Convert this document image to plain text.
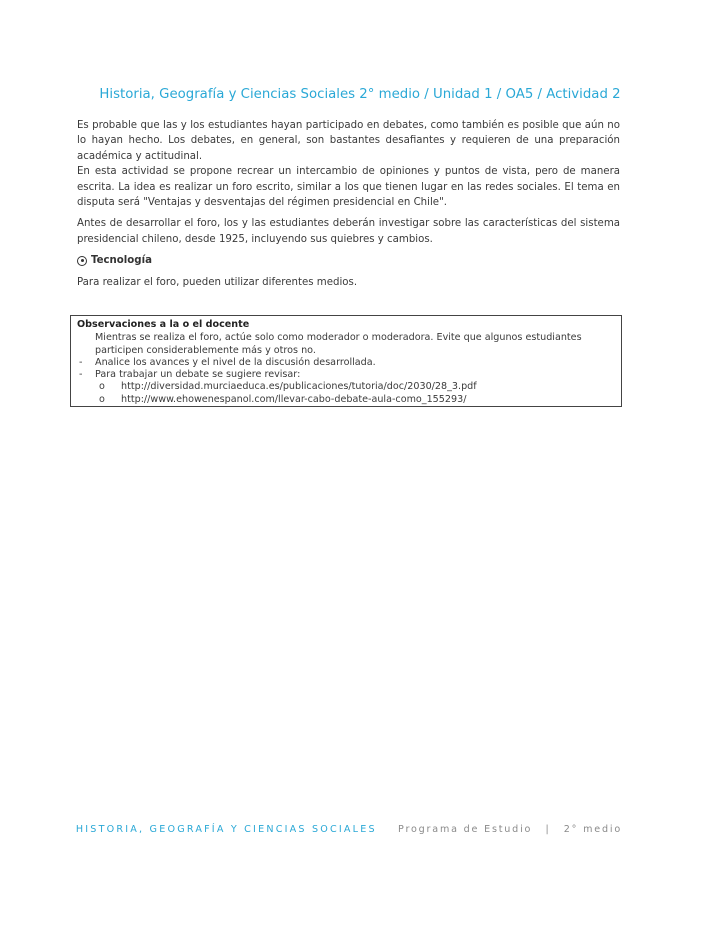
Historia, Geografía y Ciencias Sociales 2° medio / Unidad 1 / OA5 / Actividad 2

Es probable que las y los estudiantes hayan participado en debates, como también es posible que aún no lo hayan hecho. Los debates, en general, son bastantes desafiantes y requieren de una preparación académica y actitudinal.

En esta actividad se propone recrear un intercambio de opiniones y puntos de vista, pero de manera escrita. La idea es realizar un foro escrito, similar a los que tienen lugar en las redes sociales. El tema en disputa será "Ventajas y desventajas del régimen presidencial en Chile".

Antes de desarrollar el foro, los y las estudiantes deberán investigar sobre las características del sistema presidencial chileno, desde 1925, incluyendo sus quiebres y cambios.

Tecnología

Para realizar el foro, pueden utilizar diferentes medios.

Observaciones a la o el docente
Mientras se realiza el foro, actúe solo como moderador o moderadora. Evite que algunos estudiantes participen considerablemente más y otros no.
-	Analice los avances y el nivel de la discusión desarrollada.
-	Para trabajar un debate se sugiere revisar:
o	http://diversidad.murciaeduca.es/publicaciones/tutoria/doc/2030/28_3.pdf
o	http://www.ehowenespanol.com/llevar-cabo-debate-aula-como_155293/
HISTORIA, GEOGRAFÍA Y CIENCIAS SOCIALES Programa de Estudio | 2° medio
